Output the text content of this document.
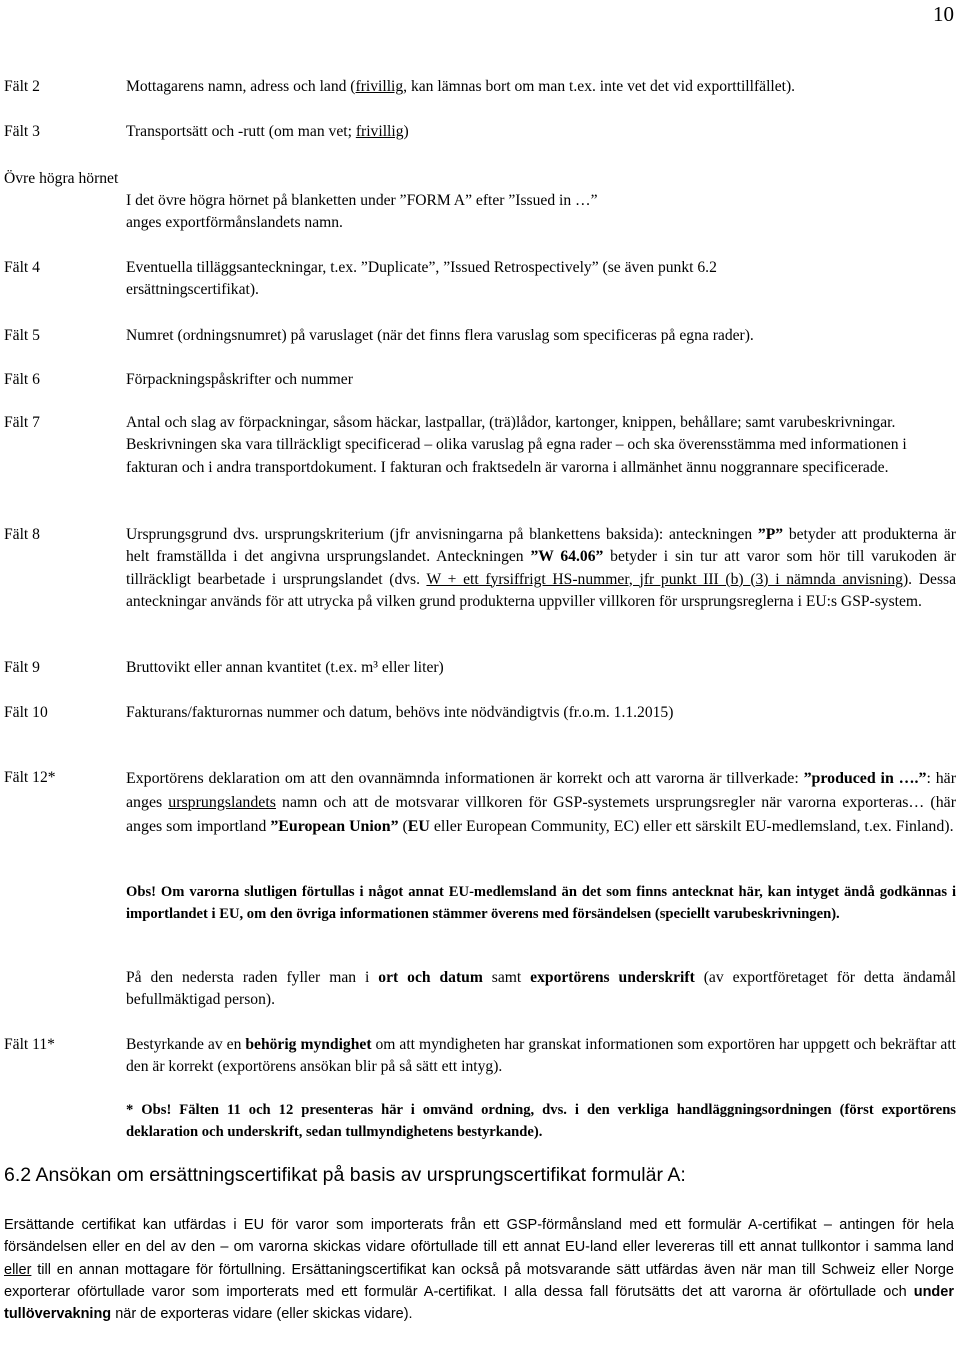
10
Fält 2	Mottagarens namn, adress och land (frivillig, kan lämnas bort om man t.ex. inte vet det vid exporttillfället).
Fält 3	Transportsätt och -rutt (om man vet; frivillig)
Övre högra hörnet
I det övre högra hörnet på blanketten under ”FORM A” efter ”Issued in …”
anges exportförmånslandets namn.
Fält 4	Eventuella tilläggsanteckningar, t.ex. ”Duplicate”, ”Issued Retrospectively” (se även punkt 6.2 ersättningscertifikat).
Fält 5	Numret (ordningsnumret) på varuslaget (när det finns flera varuslag som specificeras på egna rader).
Fält 6	Förpackningspåskrifter och nummer
Fält 7	Antal och slag av förpackningar, såsom häckar, lastpallar, (trä)lådor, kartonger, knippen, behållare; samt varubeskrivningar. Beskrivningen ska vara tillräckligt specificerad – olika varuslag på egna rader – och ska överensstämma med informationen i fakturan och i andra transportdokument. I fakturan och fraktsedeln är varorna i allmänhet ännu noggrannare specificerade.
Fält 8	Ursprungsgrund dvs. ursprungskriterium (jfr anvisningarna på blankettens baksida): anteckningen ”P” betyder att produkterna är helt framställda i det angivna ursprungslandet. Anteckningen ”W 64.06” betyder i sin tur att varor som hör till varukoden är tillräckligt bearbetade i ursprungslandet (dvs. W + ett fyrsiffrigt HS-nummer, jfr punkt III (b) (3) i nämnda anvisning). Dessa anteckningar används för att utrycka på vilken grund produkterna uppviller villkoren för ursprungsreglerna i EU:s GSP-system.
Fält 9	Bruttovikt eller annan kvantitet (t.ex. m³ eller liter)
Fält 10	Fakturans/fakturornas nummer och datum, behövs inte nödvändigtvis (fr.o.m. 1.1.2015)
Fält 12*	Exportörens deklaration om att den ovannämnda informationen är korrekt och att varorna är tillverkade: ”produced in ….”: här anges ursprungslandets namn och att de motsvarar villkoren för GSP-systemets ursprungsregler när varorna exporteras… (här anges som importland ”European Union” (EU eller European Community, EC) eller ett särskilt EU-medlemsland, t.ex. Finland).
Obs! Om varorna slutligen förtullas i något annat EU-medlemsland än det som finns antecknat här, kan intyget ändå godkännas i importlandet i EU, om den övriga informationen stämmer överens med försändelsen (speciellt varubeskrivningen).
På den nedersta raden fyller man i ort och datum samt exportörens underskrift (av exportföretaget för detta ändamål befullmäktigad person).
Fält 11*	Bestyrkande av en behörig myndighet om att myndigheten har granskat informationen som exportören har uppgett och bekräftar att den är korrekt (exportörens ansökan blir på så sätt ett intyg).
* Obs! Fälten 11 och 12 presenteras här i omvänd ordning, dvs. i den verkliga handläggningsordningen (först exportörens deklaration och underskrift, sedan tullmyndighetens bestyrkande).
6.2 Ansökan om ersättningscertifikat på basis av ursprungscertifikat formulär A:
Ersättande certifikat kan utfärdas i EU för varor som importerats från ett GSP-förmånsland med ett formulär A-certifikat – antingen för hela försändelsen eller en del av den – om varorna skickas vidare oförtullade till ett annat EU-land eller levereras till ett annat tullkontor i samma land eller till en annan mottagare för förtullning. Ersättaningscertifikat kan också på motsvarande sätt utfärdas även när man till Schweiz eller Norge exporterar oförtullade varor som importerats med ett formulär A-certifikat. I alla dessa fall förutsätts det att varorna är oförtullade och under tullövervakning när de exporteras vidare (eller skickas vidare).
